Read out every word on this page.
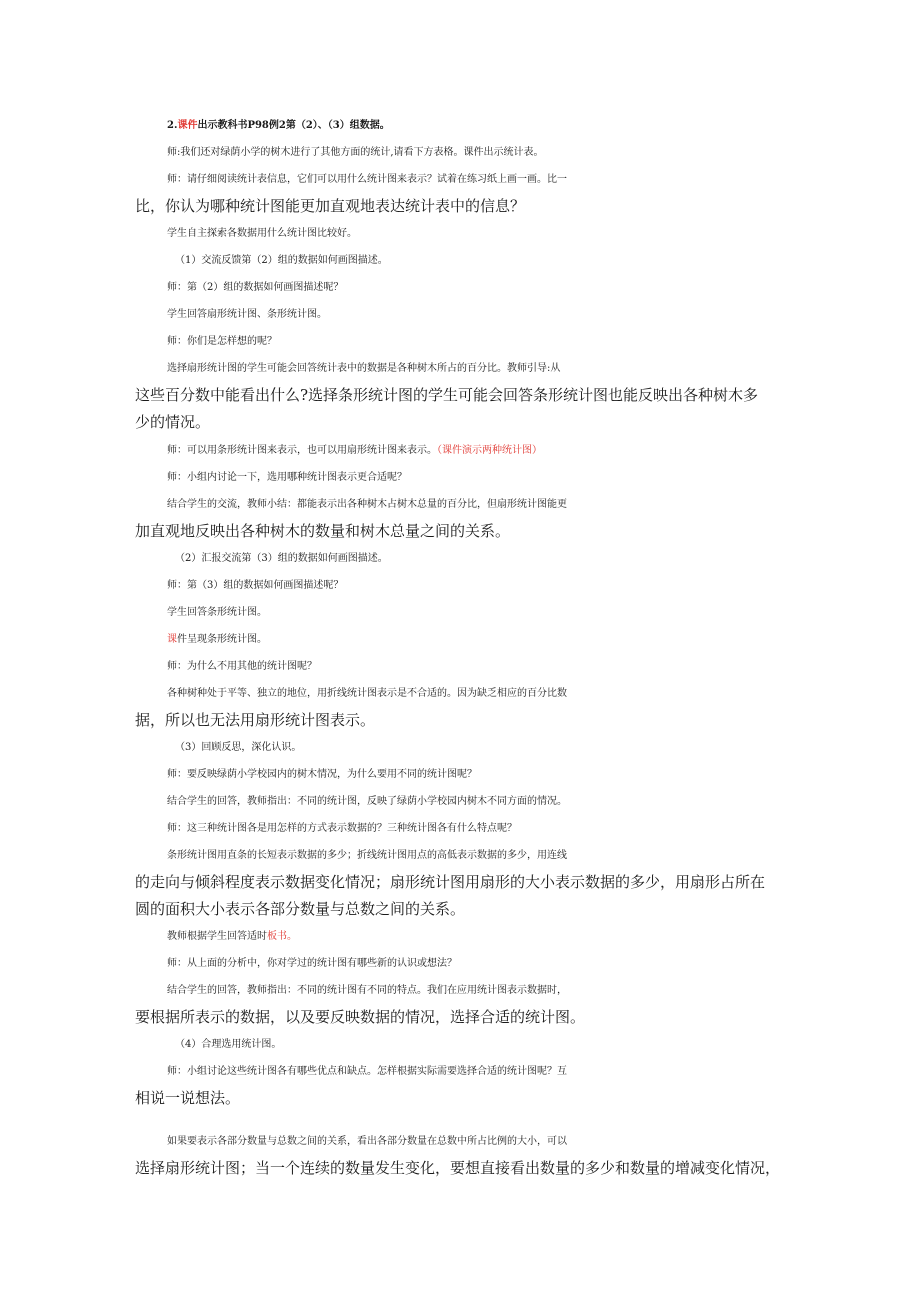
2.课件出示教科书P98例2第（2）、（3）组数据。
师:我们还对绿荫小学的树木进行了其他方面的统计,请看下方表格。课件出示统计表。
师：请仔细阅读统计表信息，它们可以用什么统计图来表示？试着在练习纸上画一画。比一
比，你认为哪种统计图能更加直观地表达统计表中的信息？
学生自主探索各数据用什么统计图比较好。
（1）交流反馈第（2）组的数据如何画图描述。
师：第（2）组的数据如何画图描述呢？
学生回答扇形统计图、条形统计图。
师：你们是怎样想的呢？
选择扇形统计图的学生可能会回答统计表中的数据是各种树木所占的百分比。教师引导:从
这些百分数中能看出什么?选择条形统计图的学生可能会回答条形统计图也能反映出各种树木多
少的情况。
师：可以用条形统计图来表示，也可以用扇形统计图来表示。（课件演示两种统计图）
师：小组内讨论一下，选用哪种统计图表示更合适呢？
结合学生的交流，教师小结：都能表示出各种树木占树木总量的百分比，但扇形统计图能更
加直观地反映出各种树木的数量和树木总量之间的关系。
（2）汇报交流第（3）组的数据如何画图描述。
师：第（3）组的数据如何画图描述呢？
学生回答条形统计图。
课件呈现条形统计图。
师：为什么不用其他的统计图呢？
各种树种处于平等、独立的地位，用折线统计图表示是不合适的。因为缺乏相应的百分比数
据，所以也无法用扇形统计图表示。
（3）回顾反思，深化认识。
师：要反映绿荫小学校园内的树木情况，为什么要用不同的统计图呢？
结合学生的回答，教师指出：不同的统计图，反映了绿荫小学校园内树木不同方面的情况。
师：这三种统计图各是用怎样的方式表示数据的？三种统计图各有什么特点呢？
条形统计图用直条的长短表示数据的多少；折线统计图用点的高低表示数据的多少，用连线
的走向与倾斜程度表示数据变化情况；扇形统计图用扇形的大小表示数据的多少，用扇形占所在
圆的面积大小表示各部分数量与总数之间的关系。
教师根据学生回答适时板书。
师：从上面的分析中，你对学过的统计图有哪些新的认识或想法？
结合学生的回答，教师指出：不同的统计图有不同的特点。我们在应用统计图表示数据时，
要根据所表示的数据，以及要反映数据的情况，选择合适的统计图。
（4）合理选用统计图。
师：小组讨论这些统计图各有哪些优点和缺点。怎样根据实际需要选择合适的统计图呢？互
相说一说想法。
如果要表示各部分数量与总数之间的关系，看出各部分数量在总数中所占比例的大小，可以
选择扇形统计图；当一个连续的数量发生变化，要想直接看出数量的多少和数量的增减变化情况，
